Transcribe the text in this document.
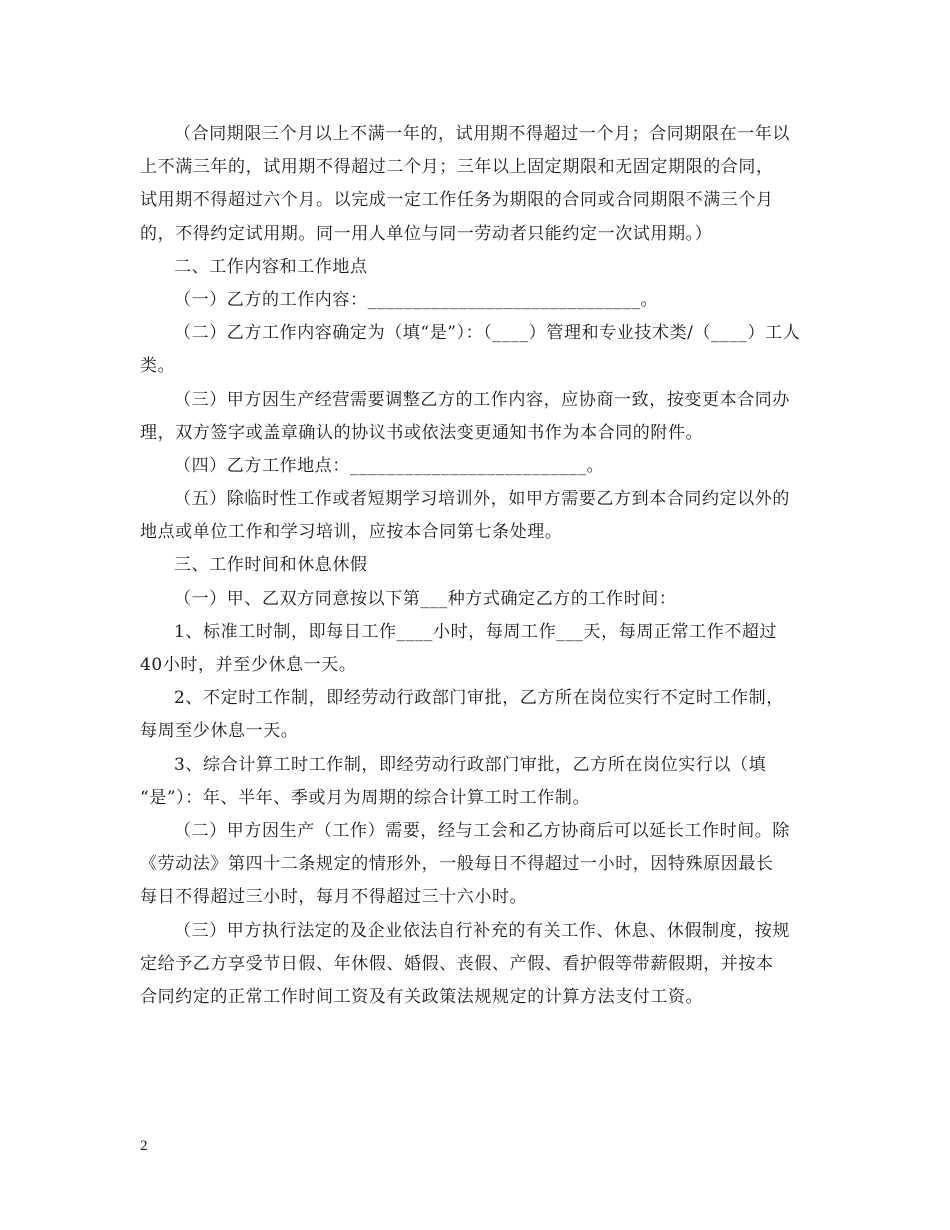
（合同期限三个月以上不满一年的，试用期不得超过一个月；合同期限在一年以
上不满三年的，试用期不得超过二个月；三年以上固定期限和无固定期限的合同，
试用期不得超过六个月。以完成一定工作任务为期限的合同或合同期限不满三个月
的，不得约定试用期。同一用人单位与同一劳动者只能约定一次试用期。）
二、工作内容和工作地点
（一）乙方的工作内容：______________________________。
（二）乙方工作内容确定为（填“是”）：（____）管理和专业技术类/（____）工人
类。
（三）甲方因生产经营需要调整乙方的工作内容，应协商一致，按变更本合同办
理，双方签字或盖章确认的协议书或依法变更通知书作为本合同的附件。
（四）乙方工作地点：__________________________。
（五）除临时性工作或者短期学习培训外，如甲方需要乙方到本合同约定以外的
地点或单位工作和学习培训，应按本合同第七条处理。
三、工作时间和休息休假
（一）甲、乙双方同意按以下第___种方式确定乙方的工作时间：
1、标准工时制，即每日工作____小时，每周工作___天，每周正常工作不超过
40小时，并至少休息一天。
2、不定时工作制，即经劳动行政部门审批，乙方所在岗位实行不定时工作制，
每周至少休息一天。
3、综合计算工时工作制，即经劳动行政部门审批，乙方所在岗位实行以（填
“是”）：年、半年、季或月为周期的综合计算工时工作制。
（二）甲方因生产（工作）需要，经与工会和乙方协商后可以延长工作时间。除
《劳动法》第四十二条规定的情形外，一般每日不得超过一小时，因特殊原因最长
每日不得超过三小时，每月不得超过三十六小时。
（三）甲方执行法定的及企业依法自行补充的有关工作、休息、休假制度，按规
定给予乙方享受节日假、年休假、婚假、丧假、产假、看护假等带薪假期，并按本
合同约定的正常工作时间工资及有关政策法规规定的计算方法支付工资。
2
